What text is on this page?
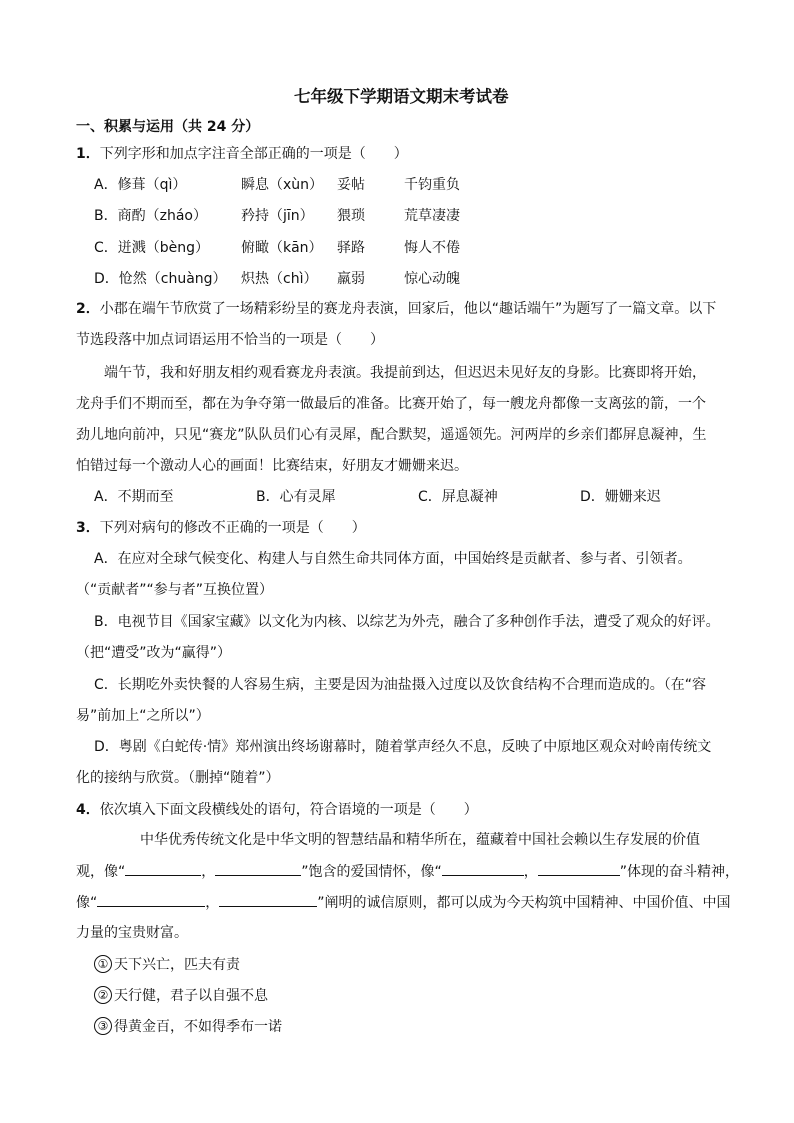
七年级下学期语文期末考试卷
一、积累与运用（共 24 分）
1．下列字形和加点字注音全部正确的一项是（　　）
A．修葺（qì）	瞬息（xùn） 妥帖	千钧重负
B．商酌（zháo） 矜持（jīn） 猥琐	荒草凄凄
C．迸溅（bèng） 俯瞰（kān） 驿路	悔人不倦
D．怆然（chuàng） 炽热（chì） 羸弱	惊心动魄
2．小郡在端午节欣赏了一场精彩纷呈的赛龙舟表演，回家后，他以“趣话端午”为题写了一篇文章。以下
节选段落中加点词语运用不恰当的一项是（　　）
端午节，我和好朋友相约观看赛龙舟表演。我提前到达，但迟迟未见好友的身影。比赛即将开始，
龙舟手们不期而至，都在为争夺第一做最后的准备。比赛开始了，每一艘龙舟都像一支离弦的箭，一个
劲儿地向前冲，只见“赛龙”队队员们心有灵犀，配合默契，遥遥领先。河两岸的乡亲们都屏息凝神，生
怕错过每一个激动人心的画面！比赛结束，好朋友才姗姗来迟。
A．不期而至	B．心有灵犀	C．屏息凝神	D．姗姗来迟
3．下列对病句的修改不正确的一项是（　　）
A．在应对全球气候变化、构建人与自然生命共同体方面，中国始终是贡献者、参与者、引领者。
（“贡献者”“参与者”互换位置）
B．电视节目《国家宝藏》以文化为内核、以综艺为外壳，融合了多种创作手法，遭受了观众的好评。
（把“遭受”改为“赢得”）
C．长期吃外卖快餐的人容易生病，主要是因为油盐摄入过度以及饮食结构不合理而造成的。（在“容
易”前加上“之所以”）
D．粤剧《白蛇传·情》郑州演出终场谢幕时，随着掌声经久不息，反映了中原地区观众对岭南传统文
化的接纳与欣赏。（删掉“随着”）
4．依次填入下面文段横线处的语句，符合语境的一项是（　　）
中华优秀传统文化是中华文明的智慧结晶和精华所在，蕴藏着中国社会赖以生存发展的价值
观，像“	，	”饱含的爱国情怀，像“	，	”体现的奋斗精神，
像“	，	”阐明的诚信原则，都可以成为今天构筑中国精神、中国价值、中国
力量的宝贵财富。
① 天下兴亡，匹夫有责
② 天行健，君子以自强不息
③ 得黄金百，不如得季布一诺
